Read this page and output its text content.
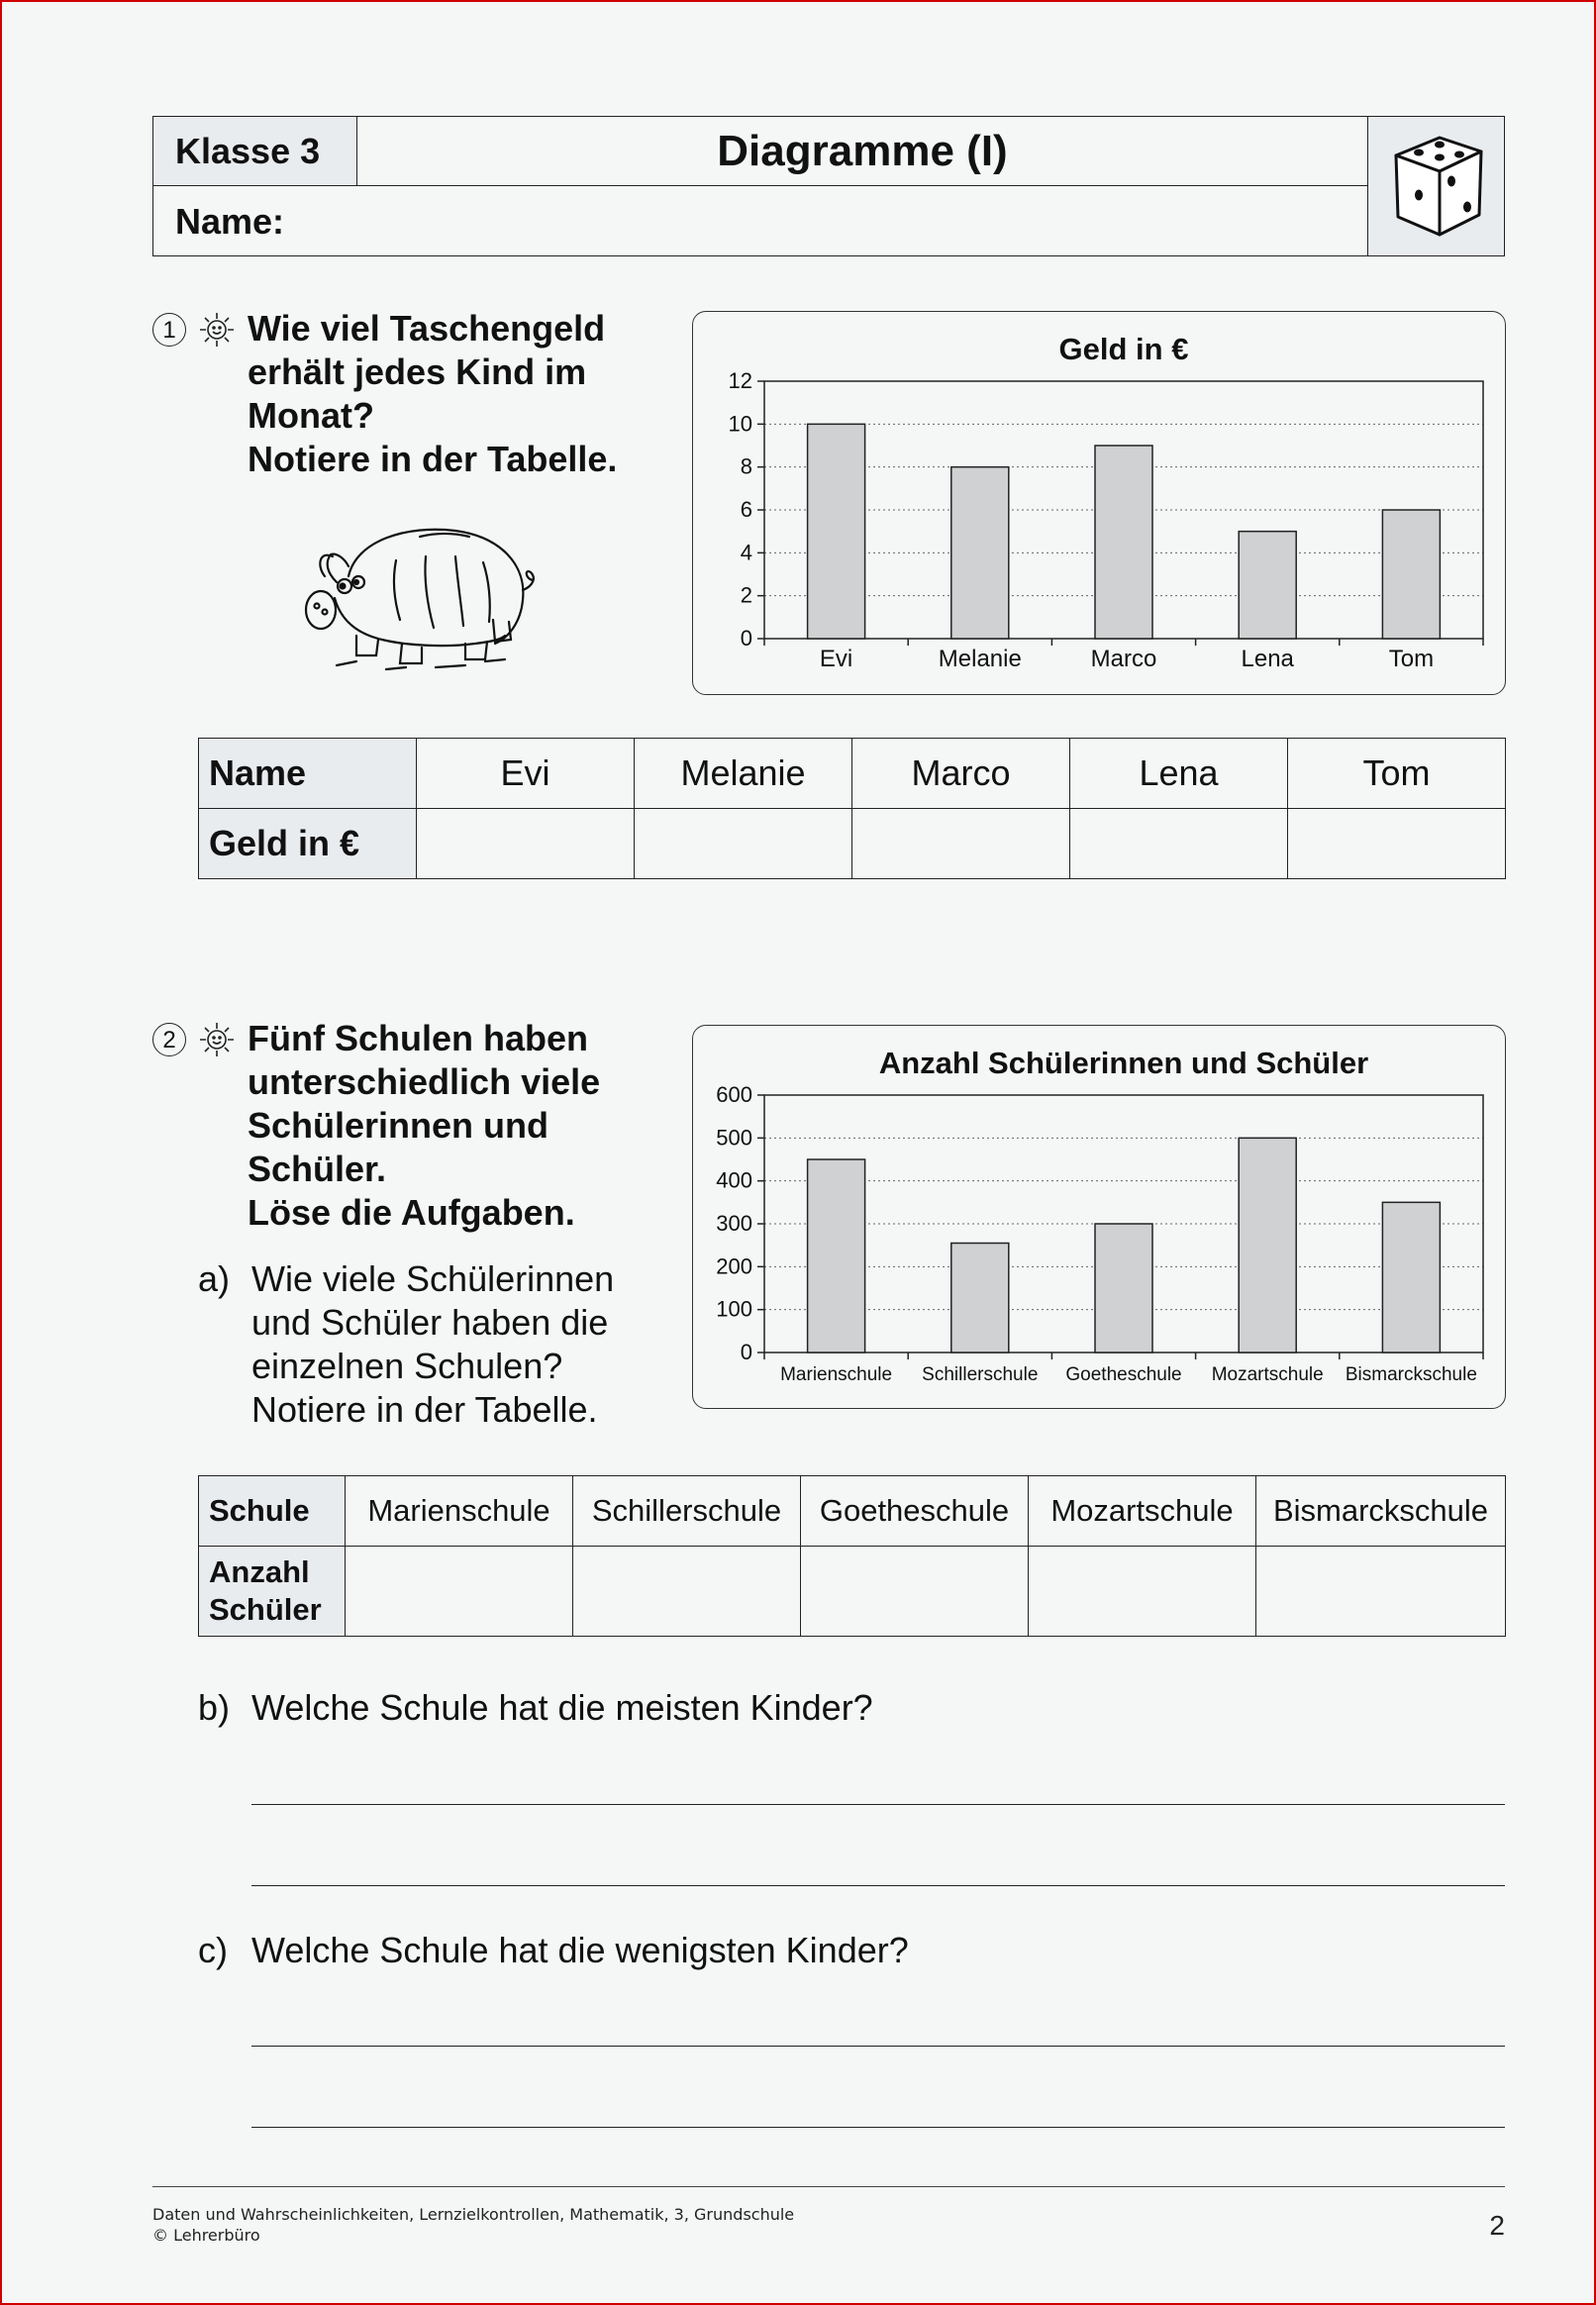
Klasse 3	Diagramme (I)
Name:
1 Wie viel Taschengeld
erhält jedes Kind im
Monat?
Notiere in der Tabelle.
Geld in €
0
2
4
6
8
10
12
Evi	Melanie	Marco	Lena	Tom
Name	Evi	Melanie	Marco	Lena	Tom
Geld in €					
2 Fünf Schulen haben
unterschiedlich viele
Schülerinnen und
Schüler.
Löse die Aufgaben.
a) Wie viele Schülerinnen
und Schüler haben die
einzelnen Schulen?
Notiere in der Tabelle.
Anzahl Schülerinnen und Schüler
0
100
200
300
400
500
600
Marienschule Schillerschule Goetheschule Mozartschule Bismarckschule
Schule	Marienschule	Schillerschule	Goetheschule	Mozartschule	Bismarckschule

Anzahl
Schüler					

b) Welche Schule hat die meisten Kinder?
c) Welche Schule hat die wenigsten Kinder?
Daten und Wahrscheinlichkeiten, Lernzielkontrollen, Mathematik, 3, Grundschule
© Lehrerbüro	2
